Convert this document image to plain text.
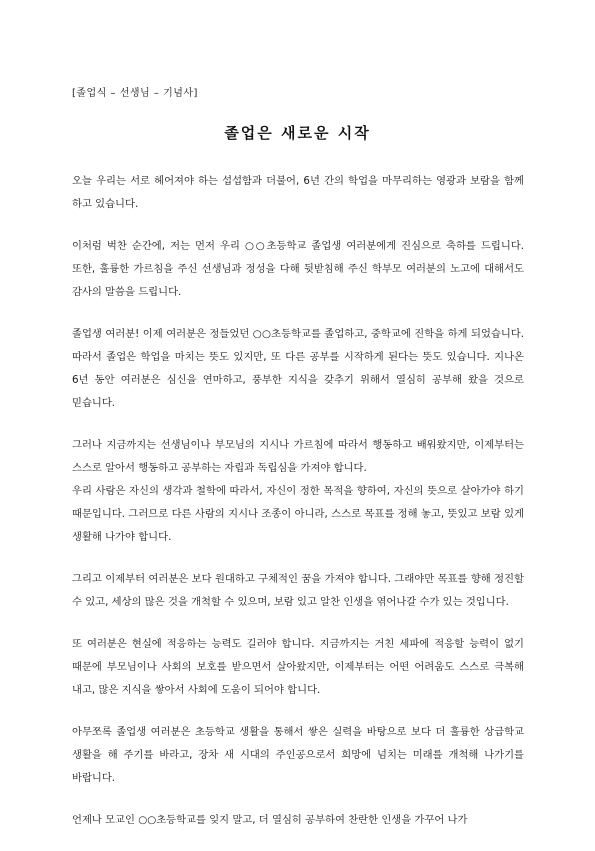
[졸업식 – 선생님 – 기념사]
졸업은 새로운 시작

오늘 우리는 서로 헤어져야 하는 섭섭함과 더불어, 6년 간의 학업을 마무리하는 영광과 보람을 함께 하고 있습니다.

이처럼 벅찬 순간에, 저는 먼저 우리 ○○초등학교 졸업생 여러분에게 진심으로 축하를 드립니다. 또한, 훌륭한 가르침을 주신 선생님과 정성을 다해 뒷받침해 주신 학부모 여러분의 노고에 대해서도 감사의 말씀을 드립니다.

졸업생 여러분! 이제 여러분은 정들었던 ○○초등학교를 졸업하고, 중학교에 진학을 하게 되었습니다. 따라서 졸업은 학업을 마치는 뜻도 있지만, 또 다른 공부를 시작하게 된다는 뜻도 있습니다. 지나온 6년 동안 여러분은 심신을 연마하고, 풍부한 지식을 갖추기 위해서 열심히 공부해 왔을 것으로 믿습니다.

그러나 지금까지는 선생님이나 부모님의 지시나 가르침에 따라서 행동하고 배워왔지만, 이제부터는 스스로 알아서 행동하고 공부하는 자립과 독립심을 가져야 합니다.

우리 사람은 자신의 생각과 철학에 따라서, 자신이 정한 목적을 향하여, 자신의 뜻으로 살아가야 하기 때문입니다. 그러므로 다른 사람의 지시나 조종이 아니라, 스스로 목표를 정해 놓고, 뜻있고 보람 있게 생활해 나가야 합니다.

그리고 이제부터 여러분은 보다 원대하고 구체적인 꿈을 가져야 합니다. 그래야만 목표를 향해 정진할 수 있고, 세상의 많은 것을 개척할 수 있으며, 보람 있고 알찬 인생을 엮어나갈 수가 있는 것입니다.

또 여러분은 현실에 적응하는 능력도 길러야 합니다. 지금까지는 거친 세파에 적응할 능력이 없기 때문에 부모님이나 사회의 보호를 받으면서 살아왔지만, 이제부터는 어떤 어려움도 스스로 극복해 내고, 많은 지식을 쌓아서 사회에 도움이 되어야 합니다.

아무쪼록 졸업생 여러분은 초등학교 생활을 통해서 쌓은 실력을 바탕으로 보다 더 훌륭한 상급학교 생활을 해 주기를 바라고, 장차 새 시대의 주인공으로서 희망에 넘치는 미래를 개척해 나가기를 바랍니다.

언제나 모교인 ○○초등학교를 잊지 말고, 더 열심히 공부하여 찬란한 인생을 가꾸어 나가
